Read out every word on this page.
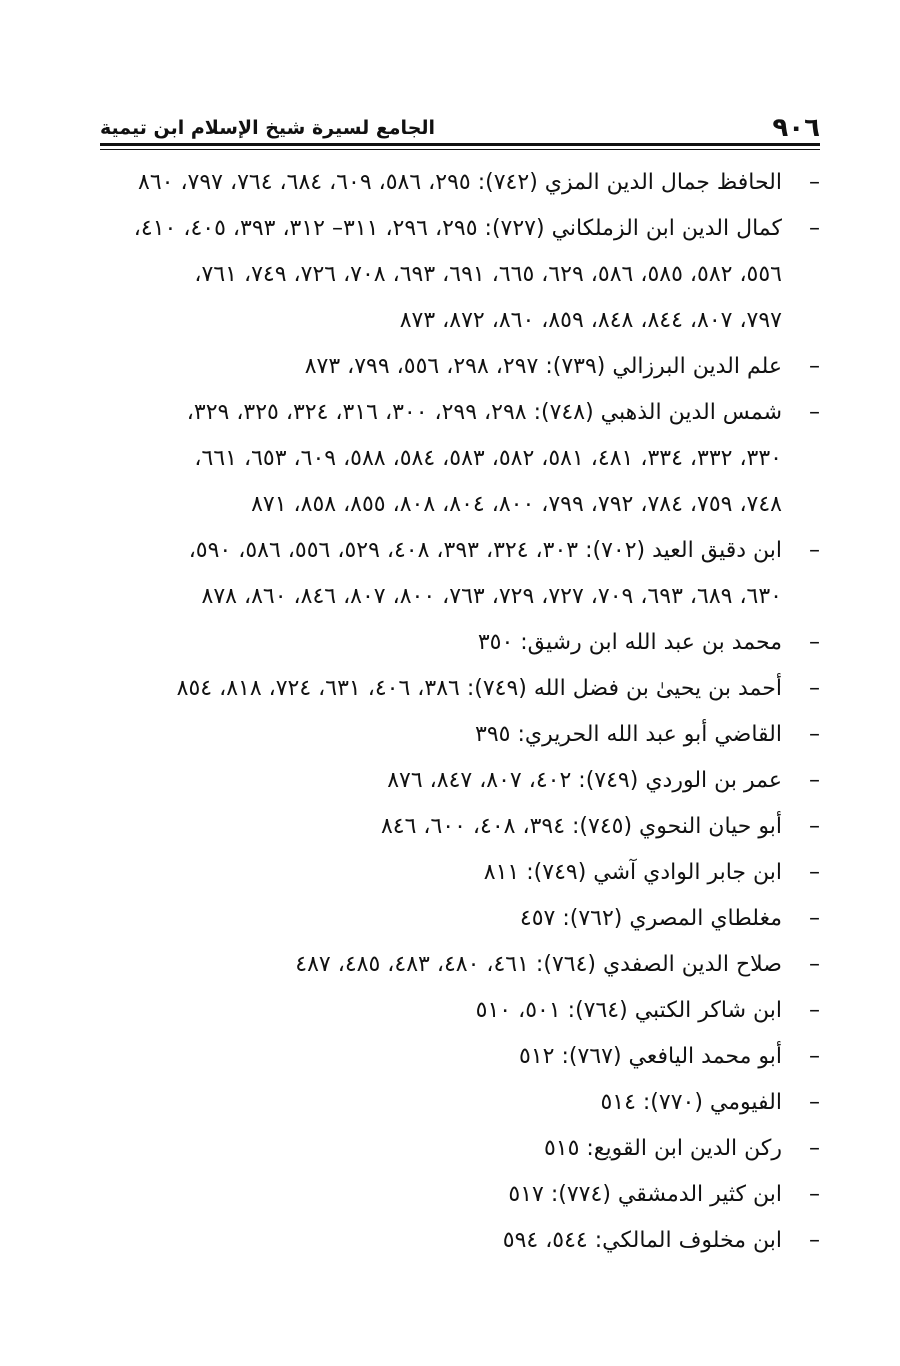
٩٠٦
الجامع لسيرة شيخ الإسلام ابن تيمية
– الحافظ جمال الدين المزي (٧٤٢): ٢٩٥، ٥٨٦، ٦٠٩، ٦٨٤، ٧٦٤، ٧٩٧، ٨٦٠
– كمال الدين ابن الزملكاني (٧٢٧): ٢٩٥، ٢٩٦، ٣١١– ٣١٢، ٣٩٣، ٤٠٥، ٤١٠،
٥٥٦، ٥٨٢، ٥٨٥، ٥٨٦، ٦٢٩، ٦٦٥، ٦٩١، ٦٩٣، ٧٠٨، ٧٢٦، ٧٤٩، ٧٦١،
٧٩٧، ٨٠٧، ٨٤٤، ٨٤٨، ٨٥٩، ٨٦٠، ٨٧٢، ٨٧٣
– علم الدين البرزالي (٧٣٩): ٢٩٧، ٢٩٨، ٥٥٦، ٧٩٩، ٨٧٣
– شمس الدين الذهبي (٧٤٨): ٢٩٨، ٢٩٩، ٣٠٠، ٣١٦، ٣٢٤، ٣٢٥، ٣٢٩،
٣٣٠، ٣٣٢، ٣٣٤، ٤٨١، ٥٨١، ٥٨٢، ٥٨٣، ٥٨٤، ٥٨٨، ٦٠٩، ٦٥٣، ٦٦١،
٧٤٨، ٧٥٩، ٧٨٤، ٧٩٢، ٧٩٩، ٨٠٠، ٨٠٤، ٨٠٨، ٨٥٥، ٨٥٨، ٨٧١
– ابن دقيق العيد (٧٠٢): ٣٠٣، ٣٢٤، ٣٩٣، ٤٠٨، ٥٢٩، ٥٥٦، ٥٨٦، ٥٩٠،
٦٣٠، ٦٨٩، ٦٩٣، ٧٠٩، ٧٢٧، ٧٢٩، ٧٦٣، ٨٠٠، ٨٠٧، ٨٤٦، ٨٦٠، ٨٧٨
– محمد بن عبد الله ابن رشيق: ٣٥٠
– أحمد بن يحيىٰ بن فضل الله (٧٤٩): ٣٨٦، ٤٠٦، ٦٣١، ٧٢٤، ٨١٨، ٨٥٤
– القاضي أبو عبد الله الحريري: ٣٩٥
– عمر بن الوردي (٧٤٩): ٤٠٢، ٨٠٧، ٨٤٧، ٨٧٦
– أبو حيان النحوي (٧٤٥): ٣٩٤، ٤٠٨، ٦٠٠، ٨٤٦
– ابن جابر الوادي آشي (٧٤٩): ٨١١
– مغلطاي المصري (٧٦٢): ٤٥٧
– صلاح الدين الصفدي (٧٦٤): ٤٦١، ٤٨٠، ٤٨٣، ٤٨٥، ٤٨٧
– ابن شاكر الكتبي (٧٦٤): ٥٠١، ٥١٠
– أبو محمد اليافعي (٧٦٧): ٥١٢
– الفيومي (٧٧٠): ٥١٤
– ركن الدين ابن القويع: ٥١٥
– ابن كثير الدمشقي (٧٧٤): ٥١٧
– ابن مخلوف المالكي: ٥٤٤، ٥٩٤
